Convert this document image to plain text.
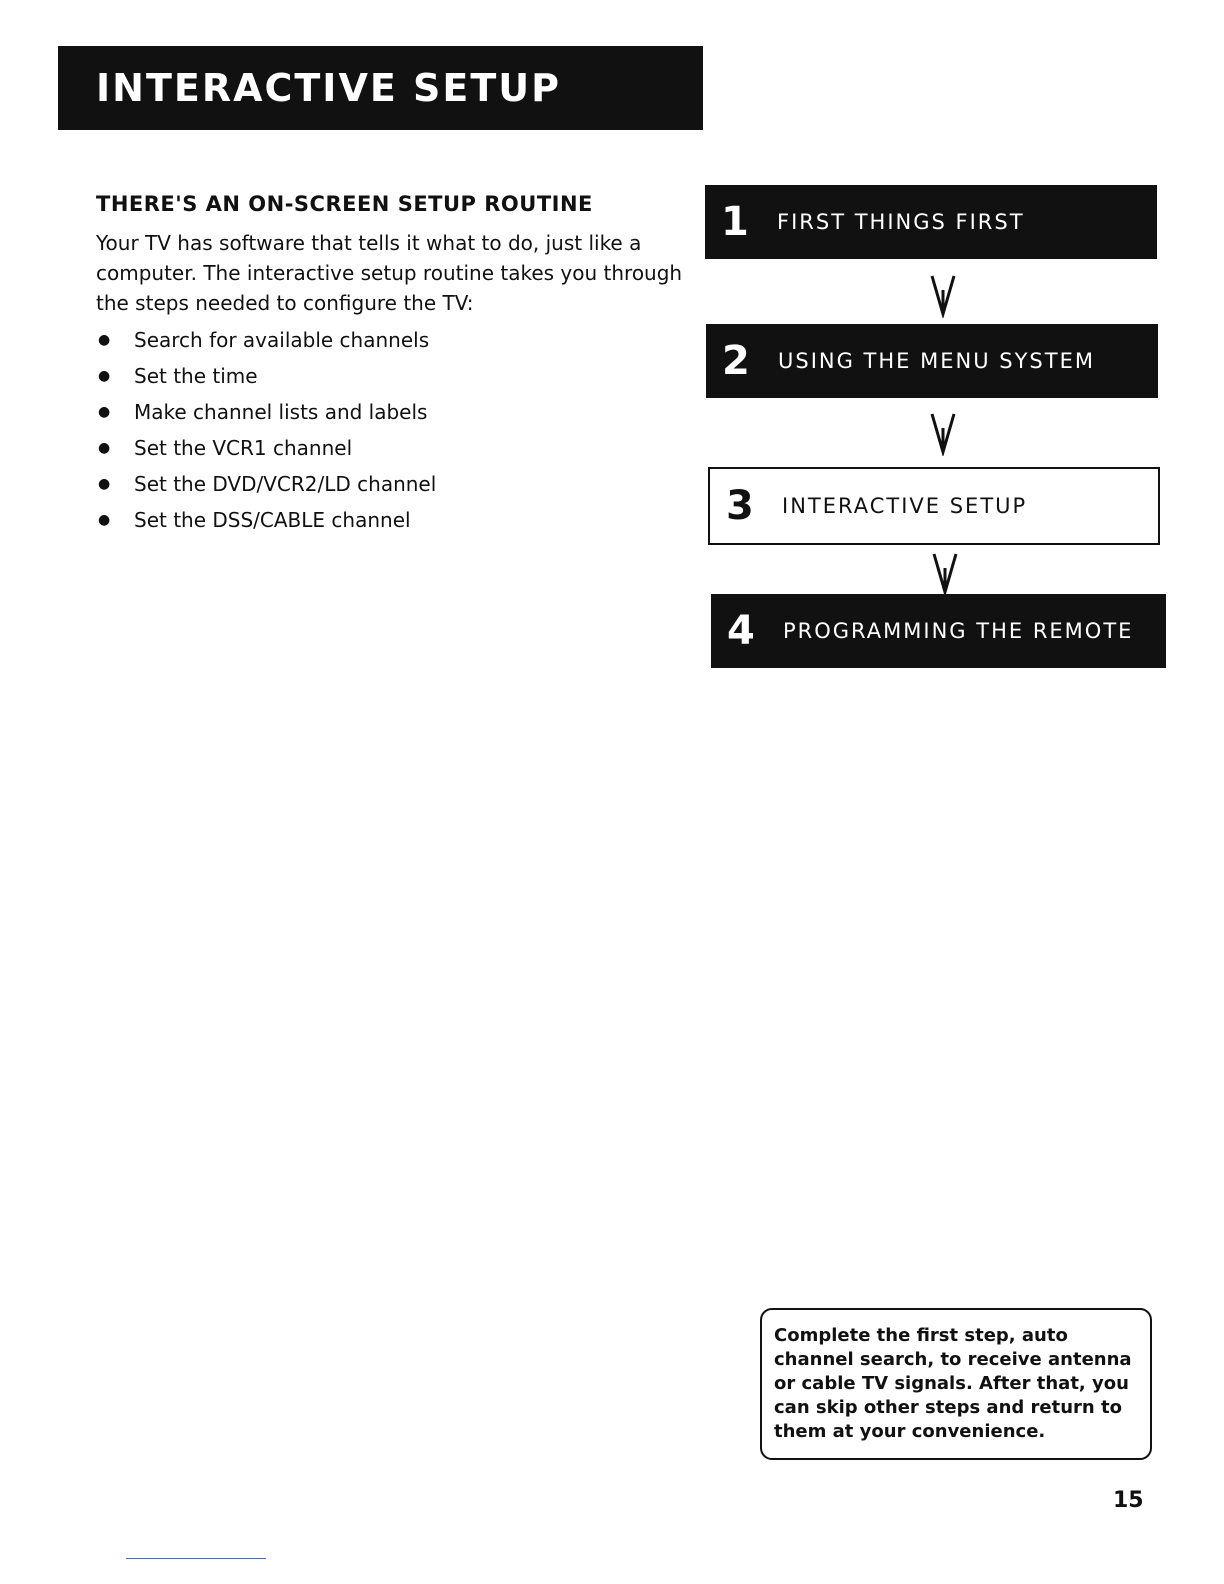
INTERACTIVE SETUP
THERE'S AN ON-SCREEN SETUP ROUTINE

Your TV has software that tells it what to do, just like a computer. The interactive setup routine takes you through the steps needed to configure the TV:

●	Search for available channels
●	Set the time
●	Make channel lists and labels
●	Set the VCR1 channel
●	Set the DVD/VCR2/LD channel
●	Set the DSS/CABLE channel
1	FIRST THINGS FIRST
2	USING THE MENU SYSTEM
3	INTERACTIVE SETUP
4	PROGRAMMING THE REMOTE
Complete the first step, auto channel search, to receive antenna or cable TV signals. After that, you can skip other steps and return to them at your convenience.
15
